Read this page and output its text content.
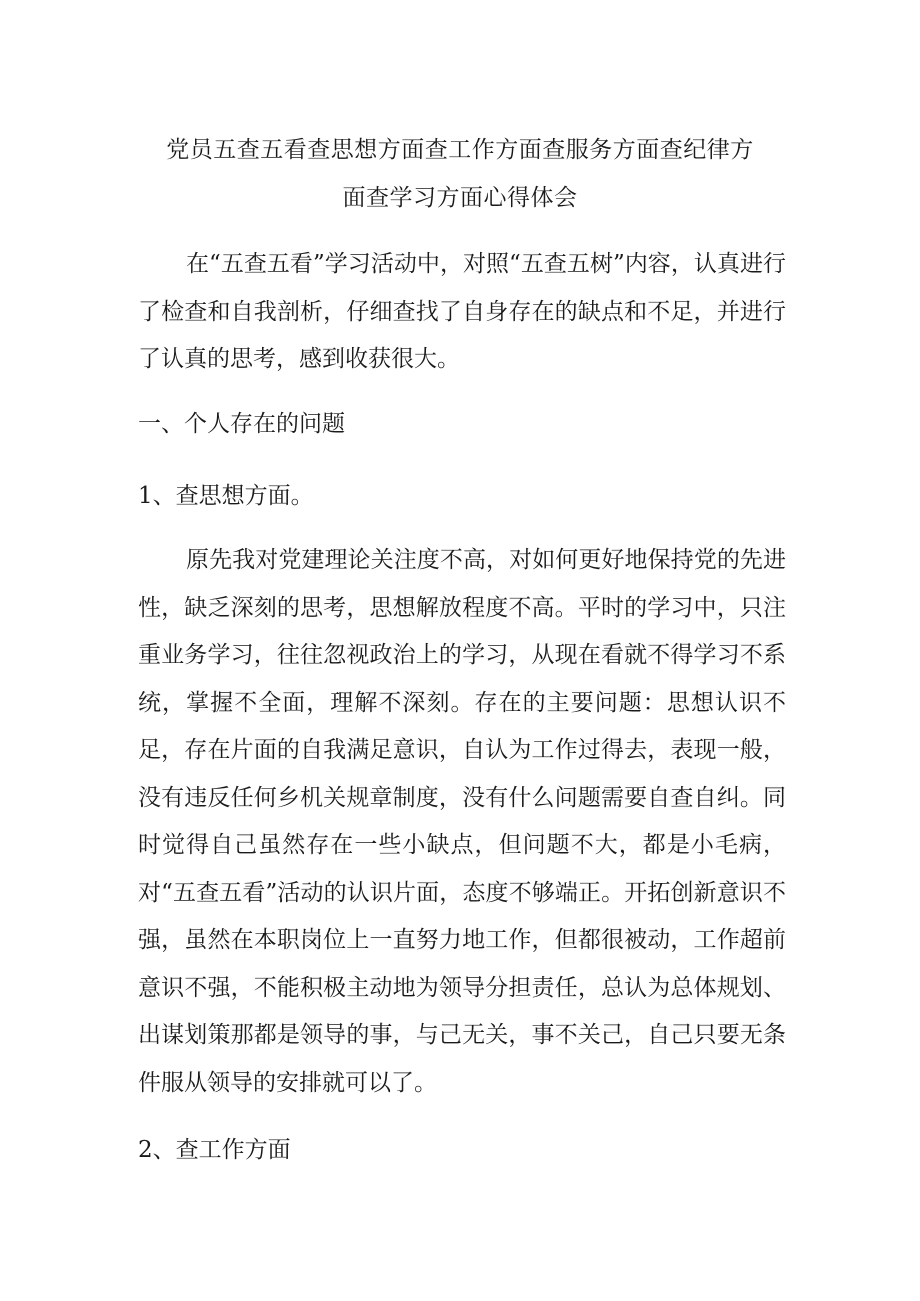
党员五查五看查思想方面查工作方面查服务方面查纪律方
面查学习方面心得体会

在“五查五看”学习活动中，对照“五查五树”内容，认真进行了检查和自我剖析，仔细查找了自身存在的缺点和不足，并进行了认真的思考，感到收获很大。

一、个人存在的问题
1、查思想方面。

原先我对党建理论关注度不高，对如何更好地保持党的先进性，缺乏深刻的思考，思想解放程度不高。平时的学习中，只注重业务学习，往往忽视政治上的学习，从现在看就不得学习不系统，掌握不全面，理解不深刻。存在的主要问题：思想认识不足，存在片面的自我满足意识，自认为工作过得去，表现一般，没有违反任何乡机关规章制度，没有什么问题需要自查自纠。同时觉得自己虽然存在一些小缺点，但问题不大，都是小毛病，对“五查五看”活动的认识片面，态度不够端正。开拓创新意识不强，虽然在本职岗位上一直努力地工作，但都很被动，工作超前意识不强，不能积极主动地为领导分担责任，总认为总体规划、出谋划策那都是领导的事，与己无关，事不关己，自己只要无条件服从领导的安排就可以了。

2、查工作方面
